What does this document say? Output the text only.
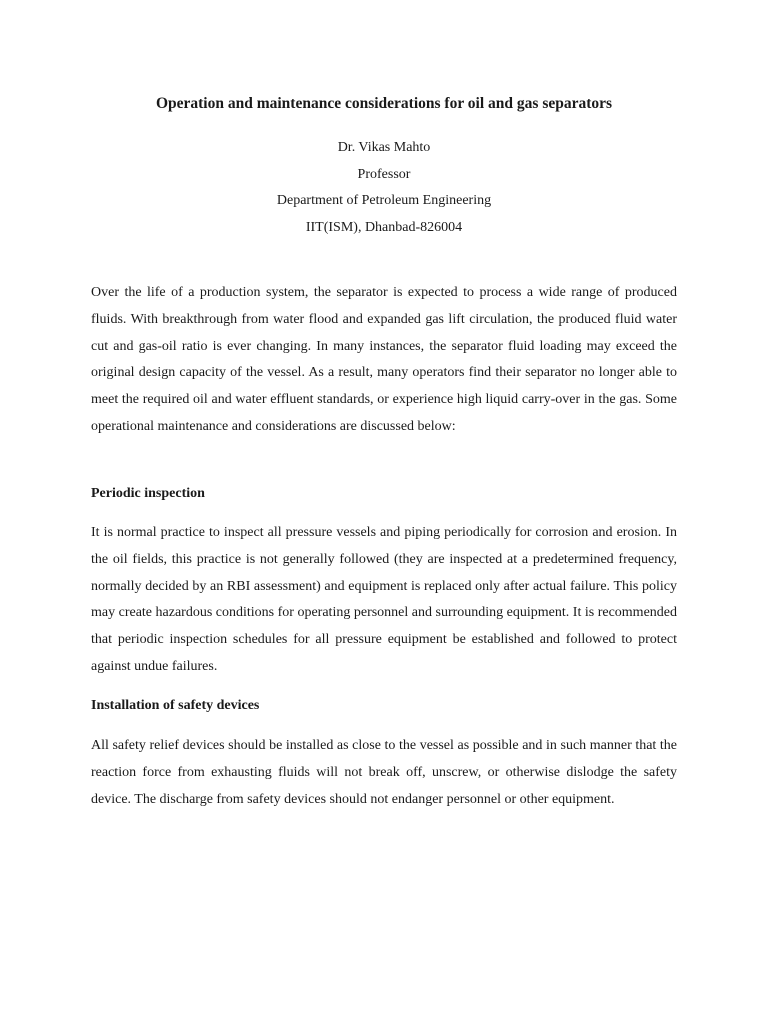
Operation and maintenance considerations for oil and gas separators
Dr. Vikas Mahto
Professor
Department of Petroleum Engineering
IIT(ISM), Dhanbad-826004

Over the life of a production system, the separator is expected to process a wide range of produced fluids. With breakthrough from water flood and expanded gas lift circulation, the produced fluid water cut and gas-oil ratio is ever changing. In many instances, the separator fluid loading may exceed the original design capacity of the vessel. As a result, many operators find their separator no longer able to meet the required oil and water effluent standards, or experience high liquid carry-over in the gas. Some operational maintenance and considerations are discussed below:

Periodic inspection

It is normal practice to inspect all pressure vessels and piping periodically for corrosion and erosion. In the oil fields, this practice is not generally followed (they are inspected at a predetermined frequency, normally decided by an RBI assessment) and equipment is replaced only after actual failure. This policy may create hazardous conditions for operating personnel and surrounding equipment. It is recommended that periodic inspection schedules for all pressure equipment be established and followed to protect against undue failures.

Installation of safety devices

All safety relief devices should be installed as close to the vessel as possible and in such manner that the reaction force from exhausting fluids will not break off, unscrew, or otherwise dislodge the safety device. The discharge from safety devices should not endanger personnel or other equipment.
